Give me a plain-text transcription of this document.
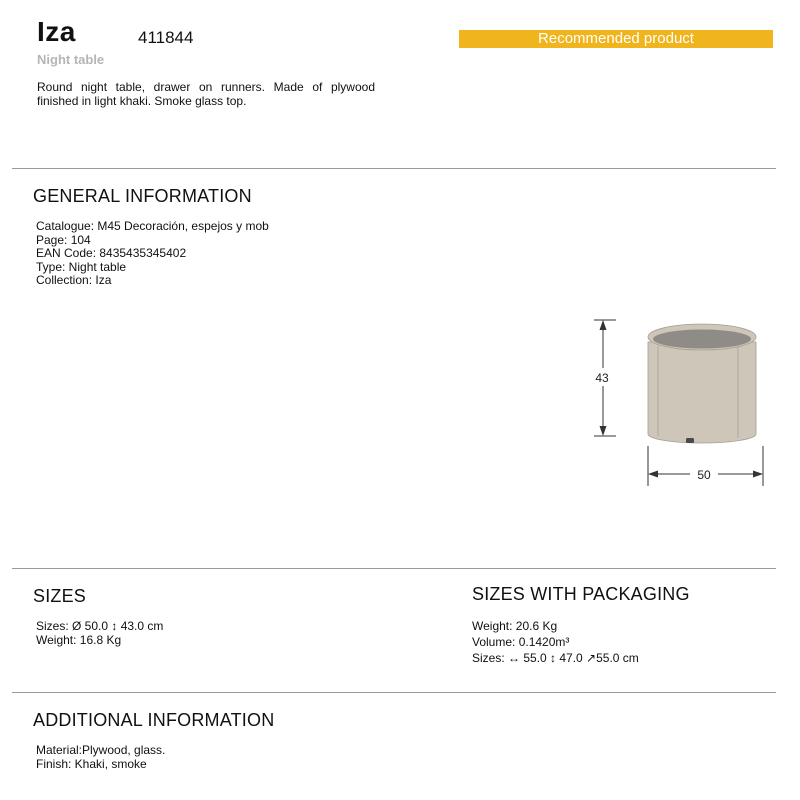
Iza	411844
Night table
Recommended product
Round night table, drawer on runners. Made of plywood finished in light khaki. Smoke glass top.
GENERAL INFORMATION
Catalogue: M45 Decoración, espejos y mob
Page: 104
EAN Code: 8435435345402
Type: Night table
Collection: Iza
43
50
SIZES
Sizes: Ø 50.0 ↕ 43.0 cm
Weight: 16.8 Kg
SIZES WITH PACKAGING
Weight: 20.6 Kg
Volume: 0.1420m³
Sizes: ↔ 55.0 ↕ 47.0 ↗55.0 cm
ADDITIONAL INFORMATION
Material:Plywood, glass.
Finish: Khaki, smoke
